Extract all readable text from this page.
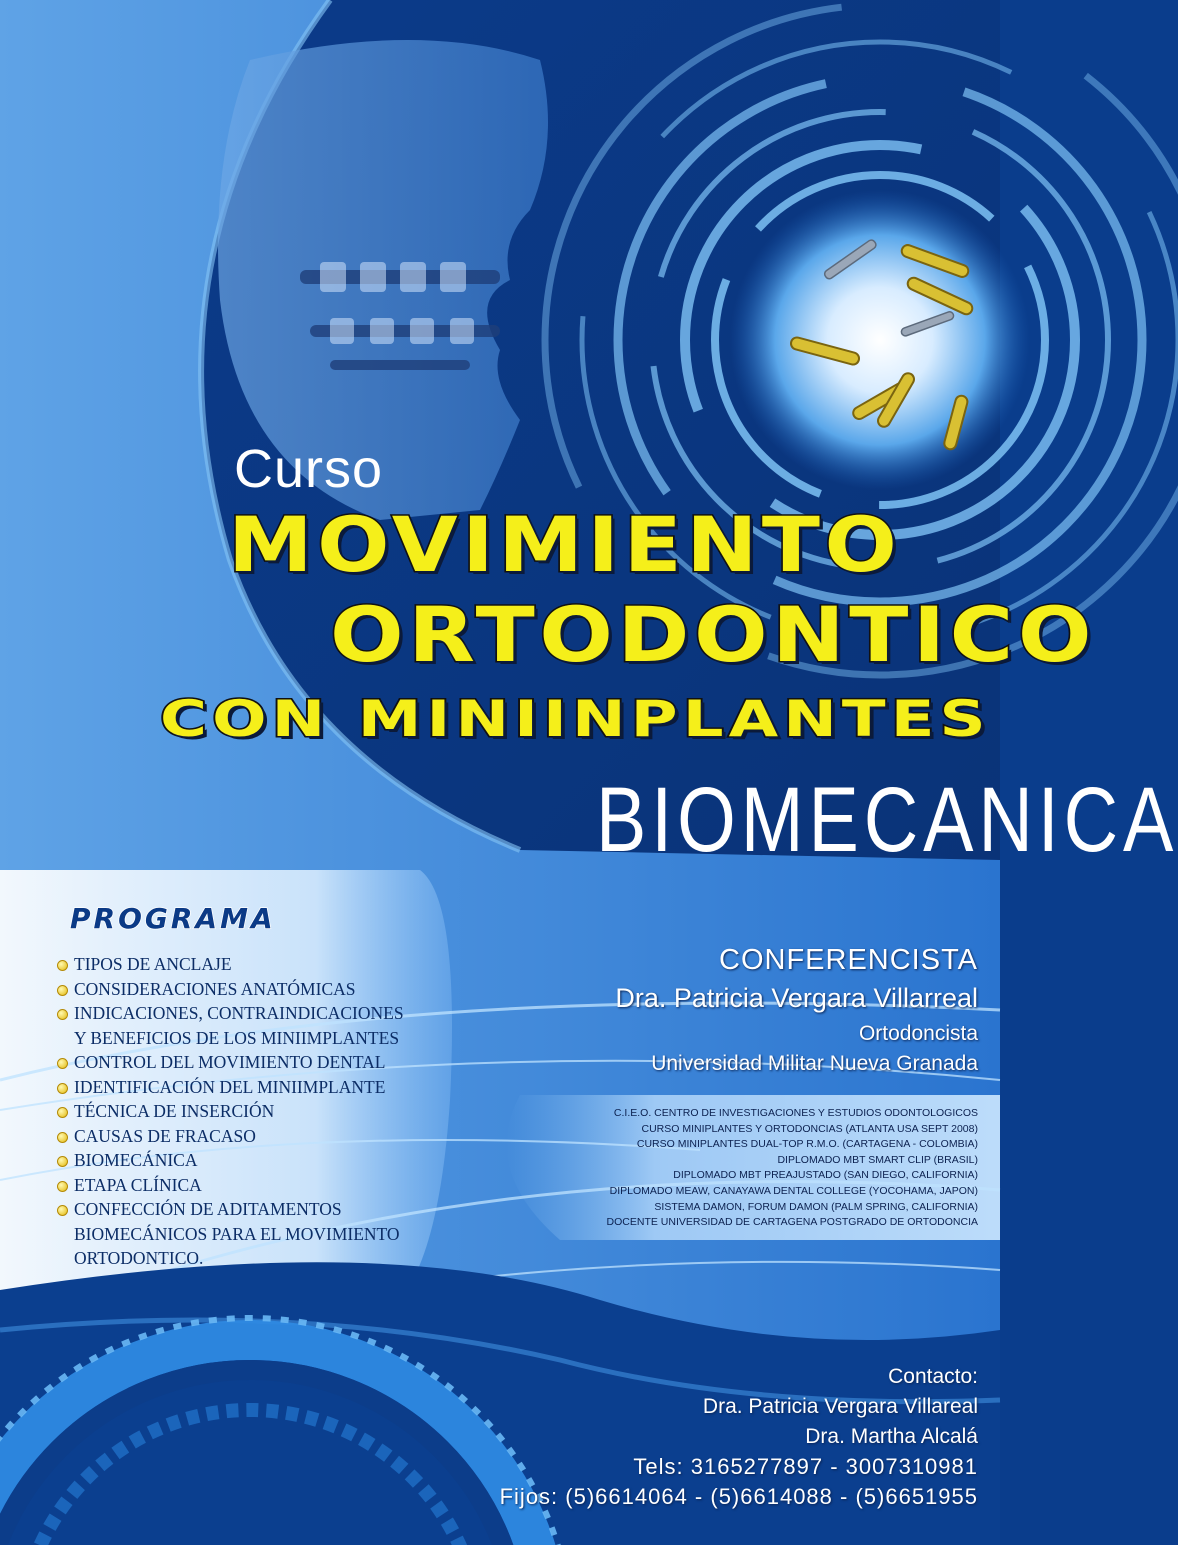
Curso
MOVIMIENTO
ORTODONTICO
CON MINIINPLANTES
BIOMECANICA
PROGRAMA
TIPOS DE ANCLAJE
CONSIDERACIONES ANATÓMICAS
INDICACIONES, CONTRAINDICACIONES
Y BENEFICIOS DE LOS MINIIMPLANTES
CONTROL DEL MOVIMIENTO DENTAL
IDENTIFICACIÓN DEL MINIIMPLANTE
TÉCNICA DE INSERCIÓN
CAUSAS DE FRACASO
BIOMECÁNICA
ETAPA CLÍNICA
CONFECCIÓN DE ADITAMENTOS
BIOMECÁNICOS PARA EL MOVIMIENTO
ORTODONTICO.
CONFERENCISTA
Dra. Patricia Vergara Villarreal
Ortodoncista
Universidad Militar Nueva Granada
C.I.E.O. CENTRO DE INVESTIGACIONES Y ESTUDIOS ODONTOLOGICOS
CURSO MINIPLANTES Y ORTODONCIAS (ATLANTA USA SEPT 2008)
CURSO MINIPLANTES DUAL-TOP R.M.O. (CARTAGENA - COLOMBIA)
DIPLOMADO MBT SMART CLIP (BRASIL)
DIPLOMADO MBT PREAJUSTADO (SAN DIEGO, CALIFORNIA)
DIPLOMADO MEAW, CANAYAWA DENTAL COLLEGE (YOCOHAMA, JAPON)
SISTEMA DAMON, FORUM DAMON (PALM SPRING, CALIFORNIA)
DOCENTE UNIVERSIDAD DE CARTAGENA POSTGRADO DE ORTODONCIA
Contacto:
Dra. Patricia Vergara Villareal
Dra. Martha Alcalá
Tels: 3165277897 - 3007310981
Fijos: (5)6614064 - (5)6614088 - (5)6651955
